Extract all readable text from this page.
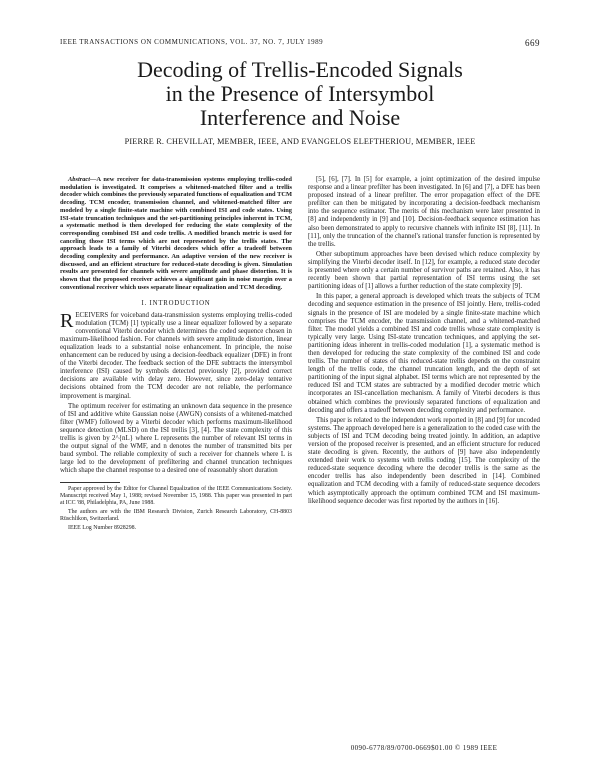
IEEE TRANSACTIONS ON COMMUNICATIONS, VOL. 37, NO. 7, JULY 1989	669
Decoding of Trellis-Encoded Signals
in the Presence of Intersymbol
Interference and Noise
PIERRE R. CHEVILLAT, MEMBER, IEEE, AND EVANGELOS ELEFTHERIOU, MEMBER, IEEE

Abstract—A new receiver for data-transmission systems employing trellis-coded modulation is investigated. It comprises a whitened-matched filter and a trellis decoder which combines the previously separated functions of equalization and TCM decoding. TCM encoder, transmission channel, and whitened-matched filter are modeled by a single finite-state machine with combined ISI and code states. Using ISI-state truncation techniques and the set-partitioning principles inherent in TCM, a systematic method is then developed for reducing the state complexity of the corresponding combined ISI and code trellis. A modified branch metric is used for canceling those ISI terms which are not represented by the trellis states. The approach leads to a family of Viterbi decoders which offer a tradeoff between decoding complexity and performance. An adaptive version of the new receiver is discussed, and an efficient structure for reduced-state decoding is given. Simulation results are presented for channels with severe amplitude and phase distortion. It is shown that the proposed receiver achieves a significant gain in noise margin over a conventional receiver which uses separate linear equalization and TCM decoding.

I. INTRODUCTION

RECEIVERS for voiceband data-transmission systems employing trellis-coded modulation (TCM) [1] typically use a linear equalizer followed by a separate conventional Viterbi decoder which determines the coded sequence chosen in maximum-likelihood fashion. For channels with severe amplitude distortion, linear equalization leads to a substantial noise enhancement. In principle, the noise enhancement can be reduced by using a decision-feedback equalizer (DFE) in front of the Viterbi decoder. The feedback section of the DFE subtracts the intersymbol interference (ISI) caused by symbols detected previously [2], provided correct decisions are available with delay zero. However, since zero-delay tentative decisions obtained from the TCM decoder are not reliable, the performance improvement is marginal.

The optimum receiver for estimating an unknown data sequence in the presence of ISI and additive white Gaussian noise (AWGN) consists of a whitened-matched filter (WMF) followed by a Viterbi decoder which performs maximum-likelihood sequence detection (MLSD) on the ISI trellis [3], [4]. The state complexity of this trellis is given by 2^{nL} where L represents the number of relevant ISI terms in the output signal of the WMF, and n denotes the number of transmitted bits per baud symbol. The reliable complexity of such a receiver for channels where L is large led to the development of prefiltering and channel truncation techniques which shape the channel response to a desired one of reasonably short duration

Paper approved by the Editor for Channel Equalization of the IEEE Communications Society. Manuscript received May 1, 1988; revised November 15, 1988. This paper was presented in part at ICC '88, Philadelphia, PA, June 1988.

The authors are with the IBM Research Division, Zurich Research Laboratory, CH-8803 Rüschlikon, Switzerland.

IEEE Log Number 8928298.

[5], [6], [7]. In [5] for example, a joint optimization of the desired impulse response and a linear prefilter has been investigated. In [6] and [7], a DFE has been proposed instead of a linear prefilter. The error propagation effect of the DFE prefilter can then be mitigated by incorporating a decision-feedback mechanism into the sequence estimator. The merits of this mechanism were later presented in [8] and independently in [9] and [10]. Decision-feedback sequence estimation has also been demonstrated to apply to recursive channels with infinite ISI [8], [11]. In [11], only the truncation of the channel's rational transfer function is represented by the trellis.

Other suboptimum approaches have been devised which reduce complexity by simplifying the Viterbi decoder itself. In [12], for example, a reduced state decoder is presented where only a certain number of survivor paths are retained. Also, it has recently been shown that partial representation of ISI terms using the set partitioning ideas of [1] allows a further reduction of the state complexity [9].

In this paper, a general approach is developed which treats the subjects of TCM decoding and sequence estimation in the presence of ISI jointly. Here, trellis-coded signals in the presence of ISI are modeled by a single finite-state machine which comprises the TCM encoder, the transmission channel, and a whitened-matched filter. The model yields a combined ISI and code trellis whose state complexity is typically very large. Using ISI-state truncation techniques, and applying the set-partitioning ideas inherent in trellis-coded modulation [1], a systematic method is then developed for reducing the state complexity of the combined ISI and code trellis. The number of states of this reduced-state trellis depends on the constraint length of the trellis code, the channel truncation length, and the depth of set partitioning of the input signal alphabet. ISI terms which are not represented by the reduced ISI and TCM states are subtracted by a modified decoder metric which incorporates an ISI-cancellation mechanism. A family of Viterbi decoders is thus obtained which combines the previously separated functions of equalization and decoding and offers a tradeoff between decoding complexity and performance.

This paper is related to the independent work reported in [8] and [9] for uncoded systems. The approach developed here is a generalization to the coded case with the subjects of ISI and TCM decoding being treated jointly. In addition, an adaptive version of the proposed receiver is presented, and an efficient structure for reduced state decoding is given. Recently, the authors of [9] have also independently extended their work to systems with trellis coding [15]. The complexity of the reduced-state sequence decoding where the decoder trellis is the same as the encoder trellis has also independently been described in [14]. Combined equalization and TCM decoding with a family of reduced-state sequence decoders which asymptotically approach the optimum combined TCM and ISI maximum-likelihood sequence decoder was first reported by the authors in [16].

0090-6778/89/0700-0669$01.00 © 1989 IEEE
